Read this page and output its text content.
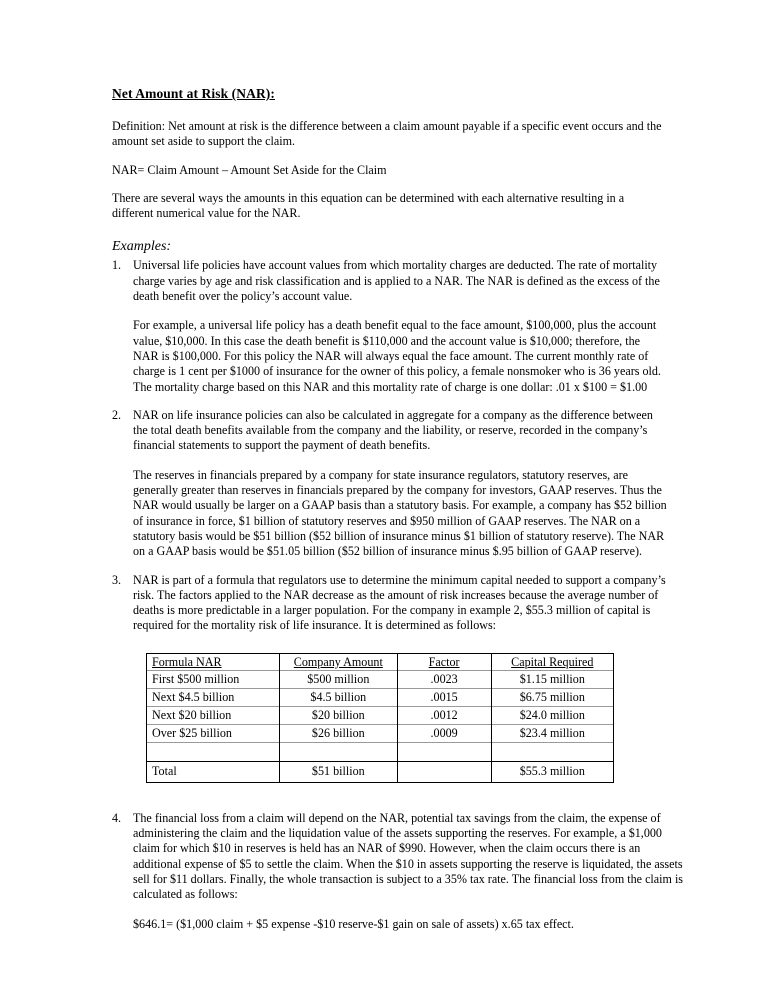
Net Amount at Risk (NAR):

Definition: Net amount at risk is the difference between a claim amount payable if a specific event occurs and the amount set aside to support the claim.

NAR= Claim Amount – Amount Set Aside for the Claim

There are several ways the amounts in this equation can be determined with each alternative resulting in a different numerical value for the NAR.

Examples:
1. Universal life policies have account values from which mortality charges are deducted. The rate of mortality charge varies by age and risk classification and is applied to a NAR. The NAR is defined as the excess of the death benefit over the policy’s account value.

For example, a universal life policy has a death benefit equal to the face amount, $100,000, plus the account value, $10,000. In this case the death benefit is $110,000 and the account value is $10,000; therefore, the NAR is $100,000. For this policy the NAR will always equal the face amount. The current monthly rate of charge is 1 cent per $1000 of insurance for the owner of this policy, a female nonsmoker who is 36 years old. The mortality charge based on this NAR and this mortality rate of charge is one dollar: .01 x $100 = $1.00

2. NAR on life insurance policies can also be calculated in aggregate for a company as the difference between the total death benefits available from the company and the liability, or reserve, recorded in the company’s financial statements to support the payment of death benefits.

The reserves in financials prepared by a company for state insurance regulators, statutory reserves, are generally greater than reserves in financials prepared by the company for investors, GAAP reserves. Thus the NAR would usually be larger on a GAAP basis than a statutory basis. For example, a company has $52 billion of insurance in force, $1 billion of statutory reserves and $950 million of GAAP reserves. The NAR on a statutory basis would be $51 billion ($52 billion of insurance minus $1 billion of statutory reserve). The NAR on a GAAP basis would be $51.05 billion ($52 billion of insurance minus $.95 billion of GAAP reserve).

3. NAR is part of a formula that regulators use to determine the minimum capital needed to support a company’s risk. The factors applied to the NAR decrease as the amount of risk increases because the average number of deaths is more predictable in a larger population. For the company in example 2, $55.3 million of capital is required for the mortality risk of life insurance. It is determined as follows:

Formula NAR	Company Amount	Factor	Capital Required
First $500 million	$500 million	.0023	$1.15 million
Next $4.5 billion	$4.5 billion	.0015	$6.75 million
Next $20 billion	$20 billion	.0012	$24.0 million
Over $25 billion	$26 billion	.0009	$23.4 million

Total	$51 billion		$55.3 million
4. The financial loss from a claim will depend on the NAR, potential tax savings from the claim, the expense of administering the claim and the liquidation value of the assets supporting the reserves. For example, a $1,000 claim for which $10 in reserves is held has an NAR of $990. However, when the claim occurs there is an additional expense of $5 to settle the claim. When the $10 in assets supporting the reserve is liquidated, the assets sell for $11 dollars. Finally, the whole transaction is subject to a 35% tax rate. The financial loss from the claim is calculated as follows:

$646.1= ($1,000 claim + $5 expense -$10 reserve-$1 gain on sale of assets) x.65 tax effect.
